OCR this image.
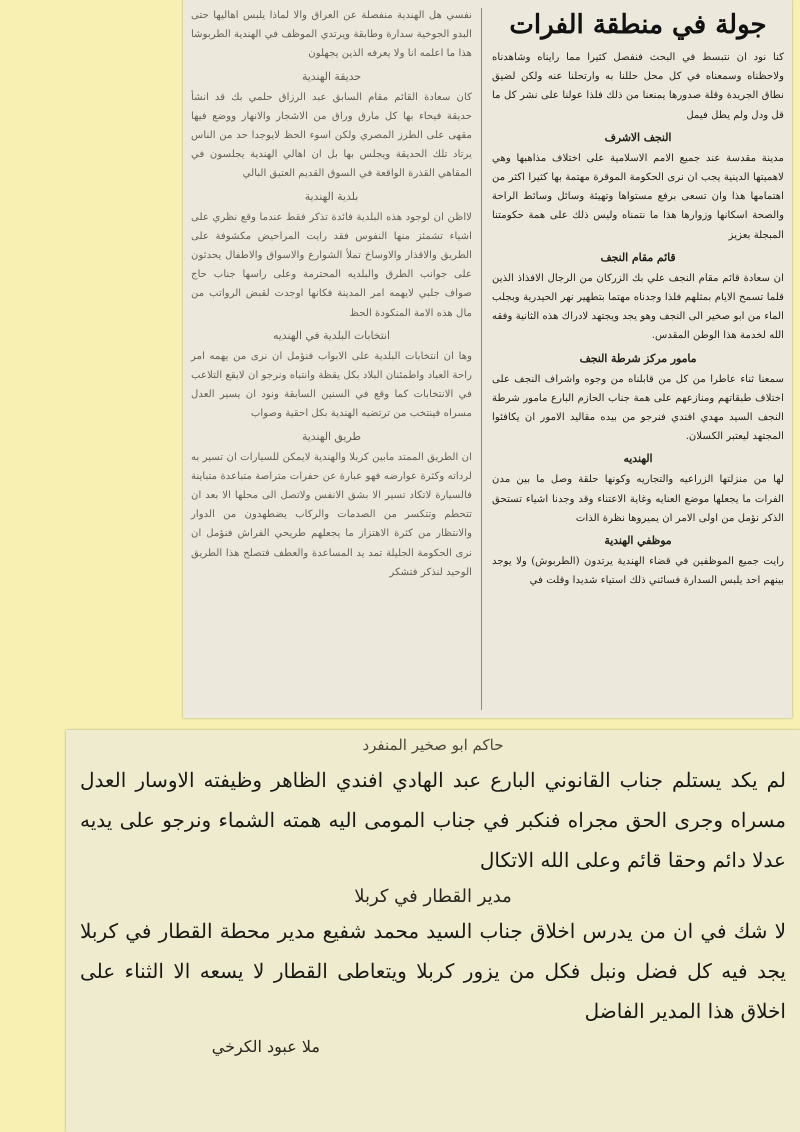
نفسي هل الهندية منفصلة عن العراق والا لماذا يلبس اهاليها حتى البدو الجوخية سدارة وطابقة ويرتدي الموظف في الهندية الطربوشا هذا ما اعلمه انا ولا يعرفه الذين يجهلون

حديقة الهندية

كان سعادة القائم مقام السابق عبد الرزاق حلمي بك قد انشأ حديقة فيحاء بها كل مارق وراق من الاشجار والانهار ووضع فيها مقهى على الطرز المصري ولكن اسوء الحظ لايوجدا حد من الناس يرتاد تلك الحديقة ويجلس بها بل ان اهالي الهندية يجلسون في المقاهي القذرة الواقعة في السوق القديم العتيق البالي

بلدية الهندية

لااظن ان لوجود هذه البلدية فائدة تذكر فقط عندما وقع نظري على اشياء تشمئز منها النفوس فقد رايت المراحيض مكشوفة على الطريق والاقذار والاوساخ تملأ الشوارع والاسواق والاطفال يحدثون على جوانب الطرق والبلديه المحترمة وعلى راسها جناب حاج صواف جلبي لايهمه امر المدينة فكانها اوجدت لقبض الرواتب من مال هذه الامة المنكودة الحظ

انتخابات البلدية في الهنديه

وها ان انتخابات البلدية على الابواب فنؤمل ان نرى من يهمه امر راحة العباد واطمئنان البلاد بكل يقظة وانتباه ونرجو ان لايقع التلاعب في الانتخابات كما وقع في السنين السابقة ونود ان يسير العدل مسراه فينتخب من ترتضيه الهندية بكل احقية وصواب

طريق الهندية

ان الطريق الممتد مابين كربلا والهندية لايمكن للسيارات ان تسير به لرداته وكثرة عوارضه فهو عبارة عن حفرات متراصة متباعدة متباينة فالسيارة لاتكاد تسير الا بشق الانفس ولاتصل الى محلها الا بعد ان تتحطم وتتكسر من الصدمات والركاب يضطهدون من الدوار والانتظار من كثرة الاهتزاز ما يجعلهم طريحي الفراش فنؤمل ان نرى الحكومة الجليلة تمد يد المساعدة والعطف فتصلح هذا الطريق الوحيد لنذكر فتشكر

جولة في منطقة الفرات

كنا نود ان نتبسط في البحث فنفصل كثيرا مما رايناه وشاهدناه ولاحظناه وسمعناه في كل محل حللنا به وارتحلنا عنه ولكن لضيق نطاق الجريدة وقلة صدورها يمنعنا من ذلك فلذا عولنا على نشر كل ما قل ودل ولم يطل فيمل

النجف الاشرف

مدينة مقدسة عند جميع الامم الاسلامية على اختلاف مذاهبها وهي لاهميتها الدينية يجب ان نرى الحكومة الموقرة مهتمة بها كثيرا اكثر من اهتمامها هذا وان تسعى برفع مستواها وتهيئة وسائل وسائط الراحة والصحة اسكانها وزوارها هذا ما نتمناه وليس ذلك على همة حكومتنا المبجلة بعزيز

قائم مقام النجف

ان سعادة قائم مقام النجف علي بك الزركان من الرجال الافذاذ الذين قلما تسمح الايام بمثلهم فلذا وجدناه مهتما بتطهير نهر الحيدرية وبجلب الماء من ابو صخير الى النجف وهو يجد ويجتهد لادراك هذه الثانية وفقه الله لخدمة هذا الوطن المقدس.

مامور مركز شرطة النجف

سمعنا ثناء عاطرا من كل من قابلناه من وجوه واشراف النجف على اختلاف طبقاتهم ومنازعهم على همة جناب الحازم البارع مامور شرطة النجف السيد مهدي افندي فنرجو من بيده مقاليد الامور ان يكافئوا المجتهد ليعتبر الكسلان.

الهنديه

لها من منزلتها الزراعيه والتجاريه وكونها حلقة وصل ما بين مدن الفرات ما يجعلها موضع العنايه وغاية الاعتناء وقد وجدنا اشياء تستحق الذكر نؤمل من اولى الامر ان يميروها نظرة الذات

موظفي الهندية

رايت جميع الموظفين في قضاء الهندية يرتدون (الطربوش) ولا يوجد بينهم احد يلبس السدارة فسائني ذلك استياء شديدا وقلت في

حاكم ابو صخير المنفرد

لم يكد يستلم جناب القانوني البارع عبد الهادي افندي الظاهر وظيفته الاوسار العدل مسراه وجرى الحق مجراه فنكبر في جناب المومى اليه همته الشماء ونرجو على يديه عدلا دائم وحقا قائم وعلى الله الاتكال

مدير القطار في كربلا

لا شك في ان من يدرس اخلاق جناب السيد محمد شفيع مدير محطة القطار في كربلا يجد فيه كل فضل ونبل فكل من يزور كربلا ويتعاطى القطار لا يسعه الا الثناء على اخلاق هذا المدير الفاضل

ملا عبود الكرخي
